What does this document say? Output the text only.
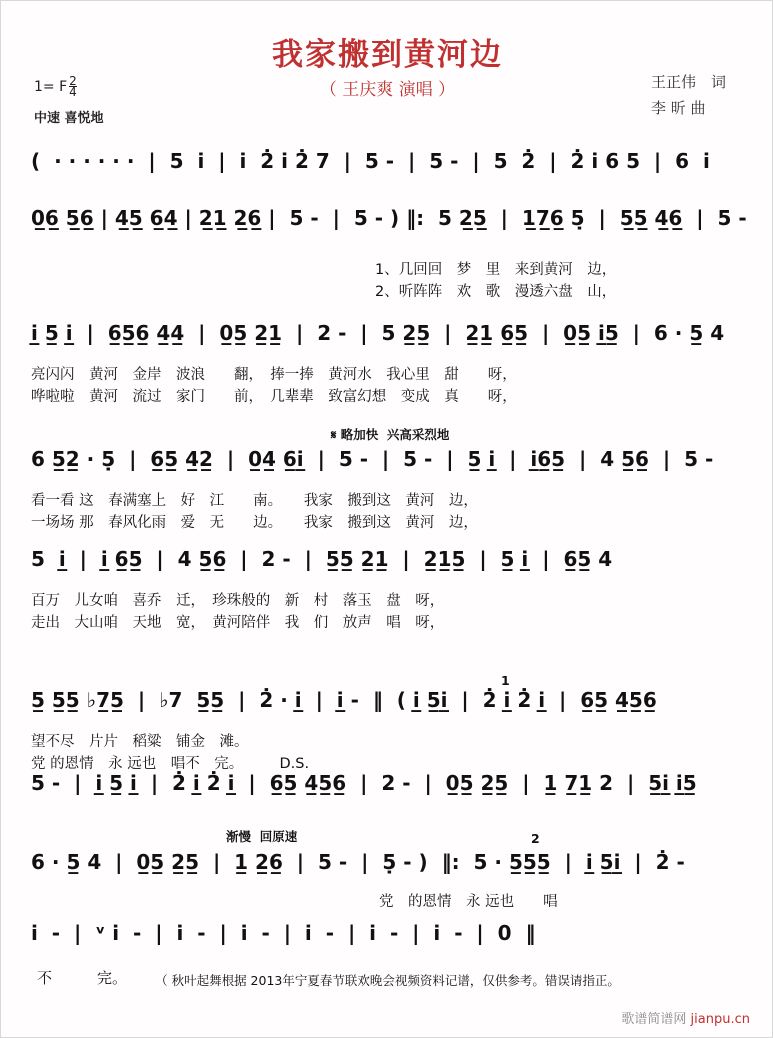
我家搬到黄河边
（ 王庆爽 演唱 ）
1= F $\frac{2}{4}$
中速 喜悦地
王正伟　词
李 昕 曲
(  · · · · · ·  |  5  i  |  i  2̇ i 2̇ 7  |  5 -  |  5 -  |  5  2̇  |  2̇ i 6 5  |  6  i
0̲6̲ 5̲6̲ | 4̲5̲ 6̲4̲ | 2̲1̲ 2̲6̲ |  5 -  |  5 - ) ‖:  5 2̲5̲  |  1̲7̲6̲ 5̣  |  5̲5̲ 4̲6̲  |  5 -
1、几回回　梦　里　来到黄河　边，
2、听阵阵　欢　歌　漫透六盘　山，
i̲ 5̲ i̲  |  6̲5̲6̲ 4̲4̲  |  0̲5̲ 2̲1̲  |  2 -  |  5 2̲5̲  |  2̲1̲ 6̲5̲  |  0̲5̲ i̲5̲  |  6 · 5̲ 4
亮闪闪　黄河　金岸　波浪　　翻，　捧一捧　黄河水　我心里　甜　　呀，
哗啦啦　黄河　流过　家门　　前，　几辈辈　致富幻想　变成　真　　呀，
𝄋 略加快  兴高采烈地
6 5̲2̲ · 5̣  |  6̲5̲ 4̲2̲  |  0̲4̲ 6̲i̲  |  5 -  |  5 -  |  5̲ i̲  |  i̲6̲5̲  |  4 5̲6̲  |  5 -
看一看 这　春满塞上　好　江　　南。　　我家　搬到这　黄河　边，
一场场 那　春风化雨　爱　无　　边。　　我家　搬到这　黄河　边，
5  i̲  |  i̲ 6̲5̲  |  4 5̲6̲  |  2 -  |  5̲5̲ 2̲1̲  |  2̲1̲5̲  |  5̲ i̲  |  6̲5̲ 4
百万　儿女咱　喜乔　迁，　珍珠般的　新　村　落玉　盘　呀，
走出　大山咱　天地　宽，　黄河陪伴　我　们　放声　唱　呀，
1
5̲ 5̲5̲ ♭7̲5̲  |  ♭7  5̲5̲  |  2̇ · i̲  |  i̲ -  ‖  ( i̲ 5̲i̲  |  2̇ i̲ 2̇ i̲  |  6̲5̲ 4̲5̲6̲
望不尽　片片　稻粱　铺金　滩。
党 的恩情　永 远也　唱不　完。　　　D.S.
5 -  |  i̲ 5̲ i̲  |  2̇ i̲ 2̇ i̲  |  6̲5̲ 4̲5̲6̲  |  2 -  |  0̲5̲ 2̲5̲  |  1̲ 7̲1̲ 2  |  5̲i̲ i̲5̲
渐慢  回原速	2
6 · 5̲ 4  |  0̲5̲ 2̲5̲  |  1̲ 2̲6̲  |  5 -  |  5̣ - )  ‖:  5 · 5̲5̲5̲  |  i̲ 5̲i̲  |  2̇ -
　　　　　　　　　　　　　　　　　　　　　　　　党　的恩情　永 远也　　唱
i̇  -  |  ᵛ i̇  -  |  i̇  -  |  i̇  -  |  i̇  -  |  i̇  -  |  i̇  -  |  0  ‖
不　　　完。	（ 秋叶起舞根据 2013年宁夏春节联欢晚会视频资料记谱，仅供参考。错误请指正。
歌谱简谱网 jianpu.cn
